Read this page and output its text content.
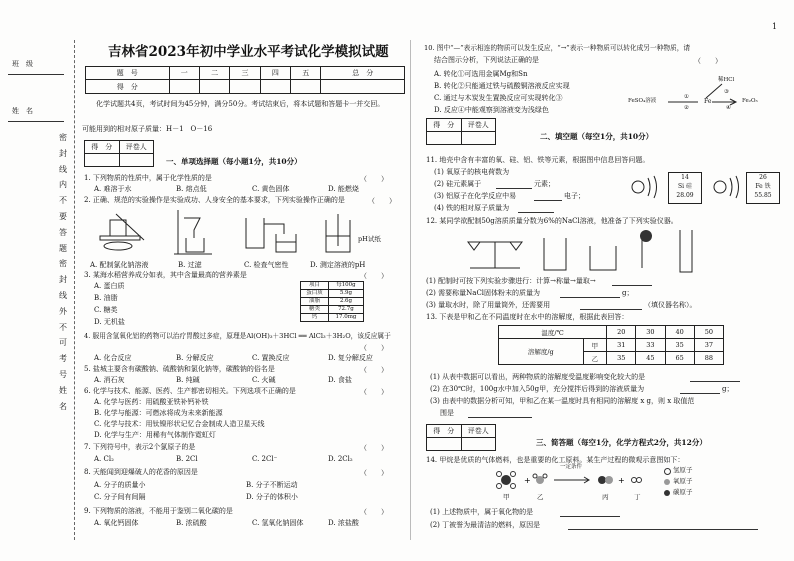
班　级
姓　名
密
封
线
内
不
要
答
题
密
封
线
外
不
可
考
号
姓
名
吉林省2023年初中学业水平考试化学模拟试题
题　号	一	二	三	四	五	总　分
得　分						
化学试题共4页，考试时间为45分钟，满分50分。考试结束后，将本试题和答题卡一并交回。
可能用到的相对原子质量：H－1　O－16
得　分	评卷人

一、单项选择题（每小题1分，共10分）
1. 下列物质的性质中，属于化学性质的是	（　　）
A. 难溶于水	B. 熔点低	C. 黄色固体	D. 能燃烧
2. 正确、规范的实验操作是实验成功、人身安全的基本要求，下列实验操作正确的是	（　　）
pH试纸
A. 配制氯化钠溶液	B. 过滤	C. 检查气密性	D. 测定溶液的pH
3. 某海水稻营养成分如表，其中含量最高的营养素是	（　　）
A. 蛋白质
B. 油脂
C. 糖类
D. 无机盐
项目	每100g
蛋白质	5.9g
油脂	2.6g
糖类	72.7g
钙	17.0mg
4. 服用含氢氧化铝的药物可以治疗胃酸过多症，原理是Al(OH)₃＋3HCl ══ AlCl₃＋3H₂O，该反应属于
（　　）
A. 化合反应	B. 分解反应	C. 置换反应	D. 复分解反应
5. 盐城主要含有碳酸钠、硫酸钠和氯化钠等，碳酸钠的俗名是	（　　）
A. 消石灰	B. 纯碱	C. 火碱	D. 食盐
6. 化学与技术、能源、医药、生产都密切相关。下列选项不正确的是	（　　）
A. 化学与医药：用硫酸亚铁补钙补铁
B. 化学与能源：可燃冰将成为未来新能源
C. 化学与技术：用钛镍形状记忆合金制成人造卫星天线
D. 化学与生产：用稀有气体制作霓虹灯
7. 下列符号中，表示2个氯原子的是	（　　）
A. Cl₂	B. 2Cl	C. 2Cl⁻	D. 2Cl₂
8. 天能闻到迎爆破人的花香的原因是	（　　）
A. 分子的质量小	B. 分子不断运动
C. 分子间有间隔	D. 分子的体积小
9. 下列物质的溶液，不能用于鉴别二氧化碳的是	（　　）
A. 氧化钙固体	B. 浓硫酸	C. 氢氧化钠固体	D. 浓盐酸
1
10. 图中“—”表示相连的物质可以发生反应，“→”表示一种物质可以转化成另一种物质，请
结合图示分析，下列说法正确的是	（　　）
A. 转化①可选用金属Mg和Sn
B. 转化②只能通过铁与硫酸铜溶液反应实现
C. 通过与木炭发生置换反应可实现转化③
D. 反应④中能观察到溶液变为浅绿色
FeSO₄溶液
稀HCl
Fe	Fe₂O₃
①
②
③
④
得　分	评卷人

二、填空题（每空1分，共10分）
11. 地壳中含有丰富的氧、硅、铝、铁等元素，根据图中信息回答问题。
(1) 氧原子的核电荷数为
(2) 硅元素属于	元素；
(3) 铝原子在化学反应中易	电子；
(4) 铁的相对原子质量为
14
Si 硅
28.09
26
Fe 铁
55.85
12. 某同学欲配制50g溶质质量分数为6%的NaCl溶液，他准备了下列实验仪器。
(1) 配制时可按下列实验步骤进行：计算→称量→量取→
(2) 需要称量NaCl固体粉末的质量为	g；
(3) 量取水时，除了用量筒外，还需要用	（填仪器名称）。
13. 下表是甲和乙在不同温度时在水中的溶解度，根据此表回答：
温度/℃		20	30	40	50
溶解度/g	甲	31	33	35	37
	乙	35	45	65	88
(1) 从表中数据可以看出，两种物质的溶解度受温度影响变化较大的是
(2) 在30℃时，100g水中加入50g甲，充分搅拌后得到的溶液质量为	g；
(3) 由表中的数据分析可知，甲和乙在某一温度时具有相同的溶解度 x g，则 x 取值范
围是
得　分	评卷人

三、简答题（每空1分，化学方程式2分，共12分）
14. 甲烷是优质的气体燃料，也是重要的化工原料。某生产过程的微观示意图如下：
+	+
一定条件
甲	乙	丙	丁
氢原子
氧原子
碳原子
(1) 上述物质中，属于氧化物的是
(2) 丁被誉为最清洁的燃料，原因是
